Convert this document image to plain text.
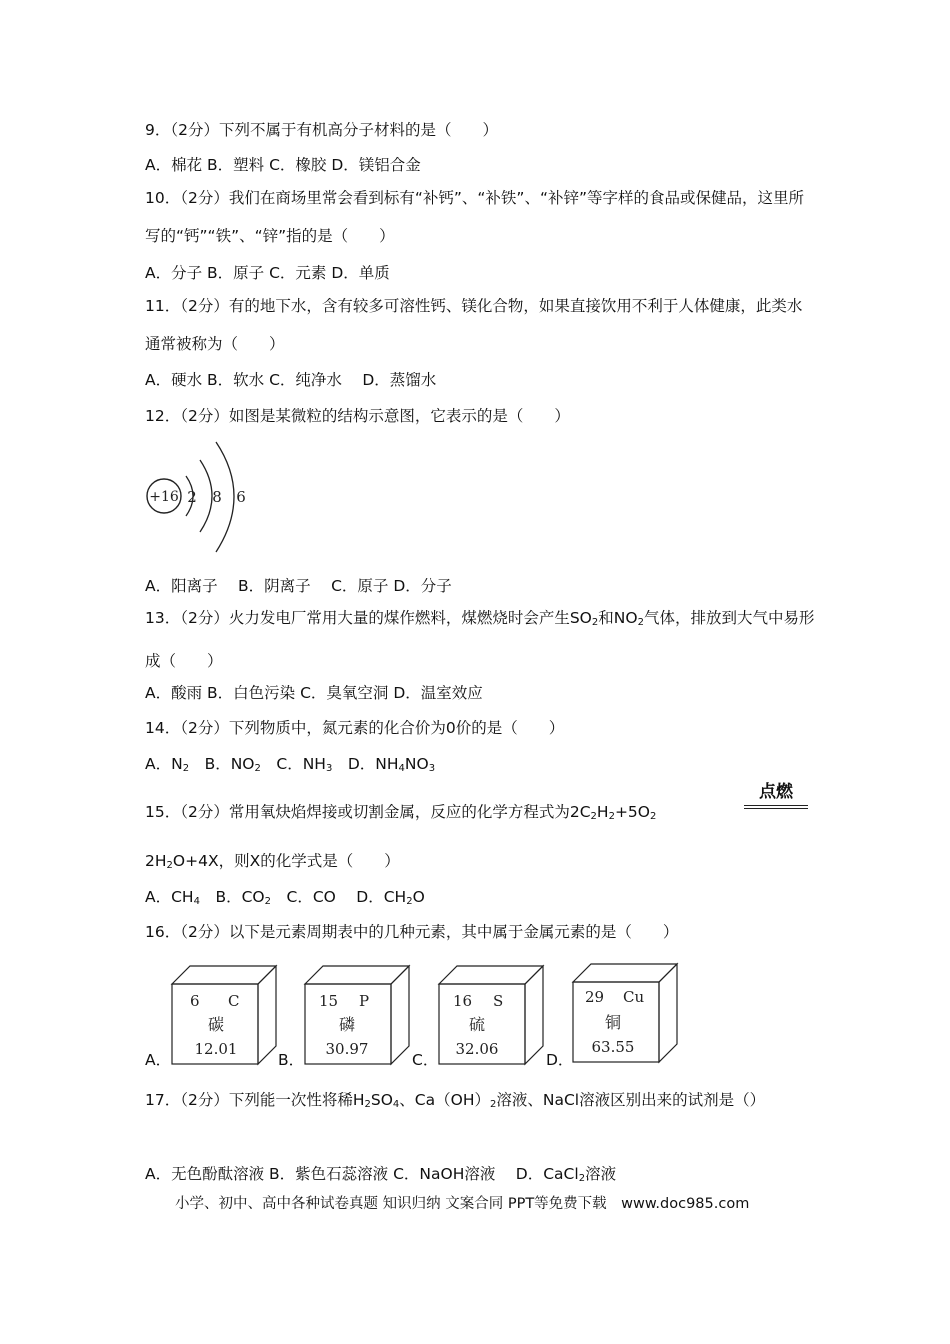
9．（2分）下列不属于有机高分子材料的是（　　）
A．棉花 B．塑料 C．橡胶 D．镁铝合金
10．（2分）我们在商场里常会看到标有“补钙”、“补铁”、“补锌”等字样的食品或保健品，这里所写的“钙”“铁”、“锌”指的是（　　）
A．分子 B．原子 C．元素 D．单质
11．（2分）有的地下水，含有较多可溶性钙、镁化合物，如果直接饮用不利于人体健康，此类水通常被称为（　　）
A．硬水 B．软水 C．纯净水　 D．蒸馏水
12．（2分）如图是某微粒的结构示意图，它表示的是（　　）
+16 2 8 6
A．阳离子　 B．阴离子　 C．原子 D．分子
13．（2分）火力发电厂常用大量的煤作燃料，煤燃烧时会产生$SO_2$和$NO_2$气体，排放到大气中易形成（　　）
A．酸雨 B．白色污染 C．臭氧空洞 D．温室效应
14．（2分）下列物质中，氮元素的化合价为0价的是（　　）
A．$N_2$　B．$NO_2$　C．$NH_3$　D．$NH_4NO_3$
15．（2分）常用氧炔焰焊接或切割金属，反应的化学方程式为$2C_2H_2+5O_2$
点燃
$2H_2O+4X$，则X的化学式是（　　）
A．$CH_4$　B．$CO_2$　C．CO　 D．$CH_2O$
16．（2分）以下是元素周期表中的几种元素，其中属于金属元素的是（　　）
A．
6 C
碳
12.01
B．
15 P
磷
30.97
C．
16 S
硫
32.06
D．
29 Cu
铜
63.55
17．（2分）下列能一次性将稀$H_2SO_4$、$Ca(OH)_2$溶液、NaCl溶液区别出来的试剂是（）
A．无色酚酞溶液 B．紫色石蕊溶液 C．NaOH溶液　 D．CaCl$_2$溶液
小学、初中、高中各种试卷真题 知识归纳 文案合同 PPT等免费下载　www.doc985.com
